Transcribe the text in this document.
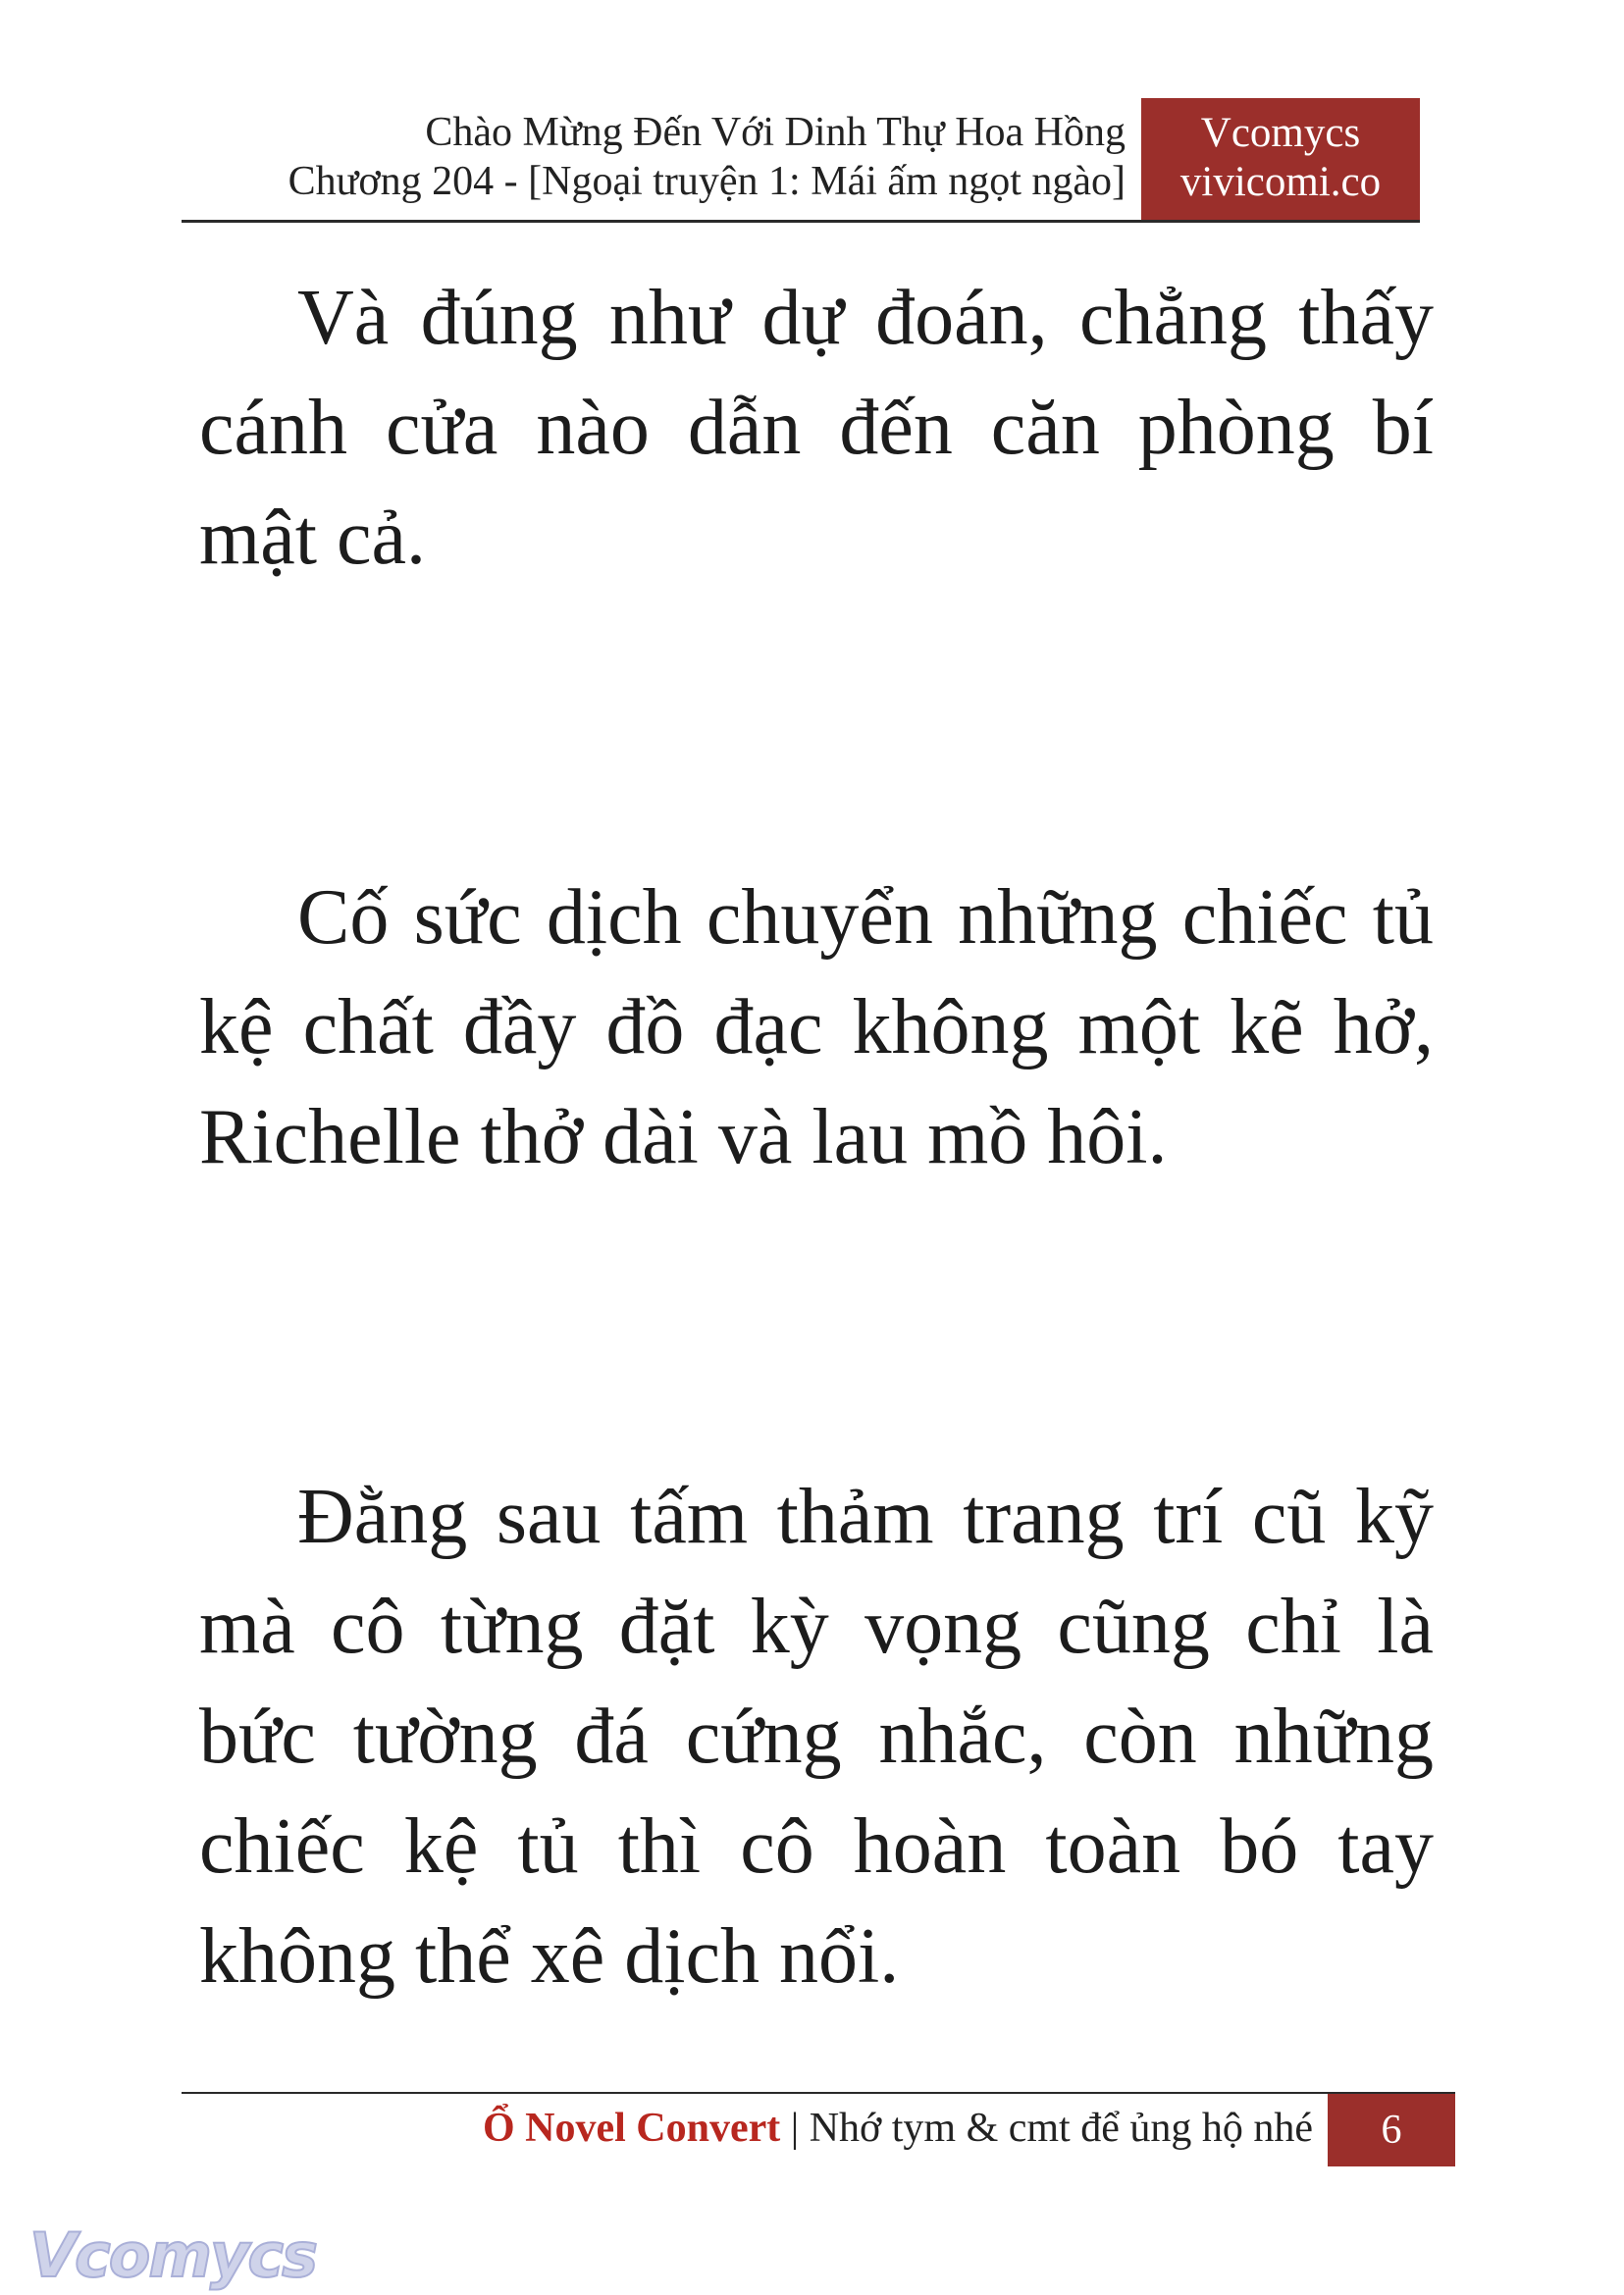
Chào Mừng Đến Với Dinh Thự Hoa Hồng
Chương 204 - [Ngoại truyện 1: Mái ấm ngọt ngào]
Vcomycs
vivicomi.co

Và đúng như dự đoán, chẳng thấy cánh cửa nào dẫn đến căn phòng bí mật cả.

Cố sức dịch chuyển những chiếc tủ kệ chất đầy đồ đạc không một kẽ hở, Richelle thở dài và lau mồ hôi.

Đằng sau tấm thảm trang trí cũ kỹ mà cô từng đặt kỳ vọng cũng chỉ là bức tường đá cứng nhắc, còn những chiếc kệ tủ thì cô hoàn toàn bó tay không thể xê dịch nổi.

Ổ Novel Convert | Nhớ tym & cmt để ủng hộ nhé	6
Vcomycs
